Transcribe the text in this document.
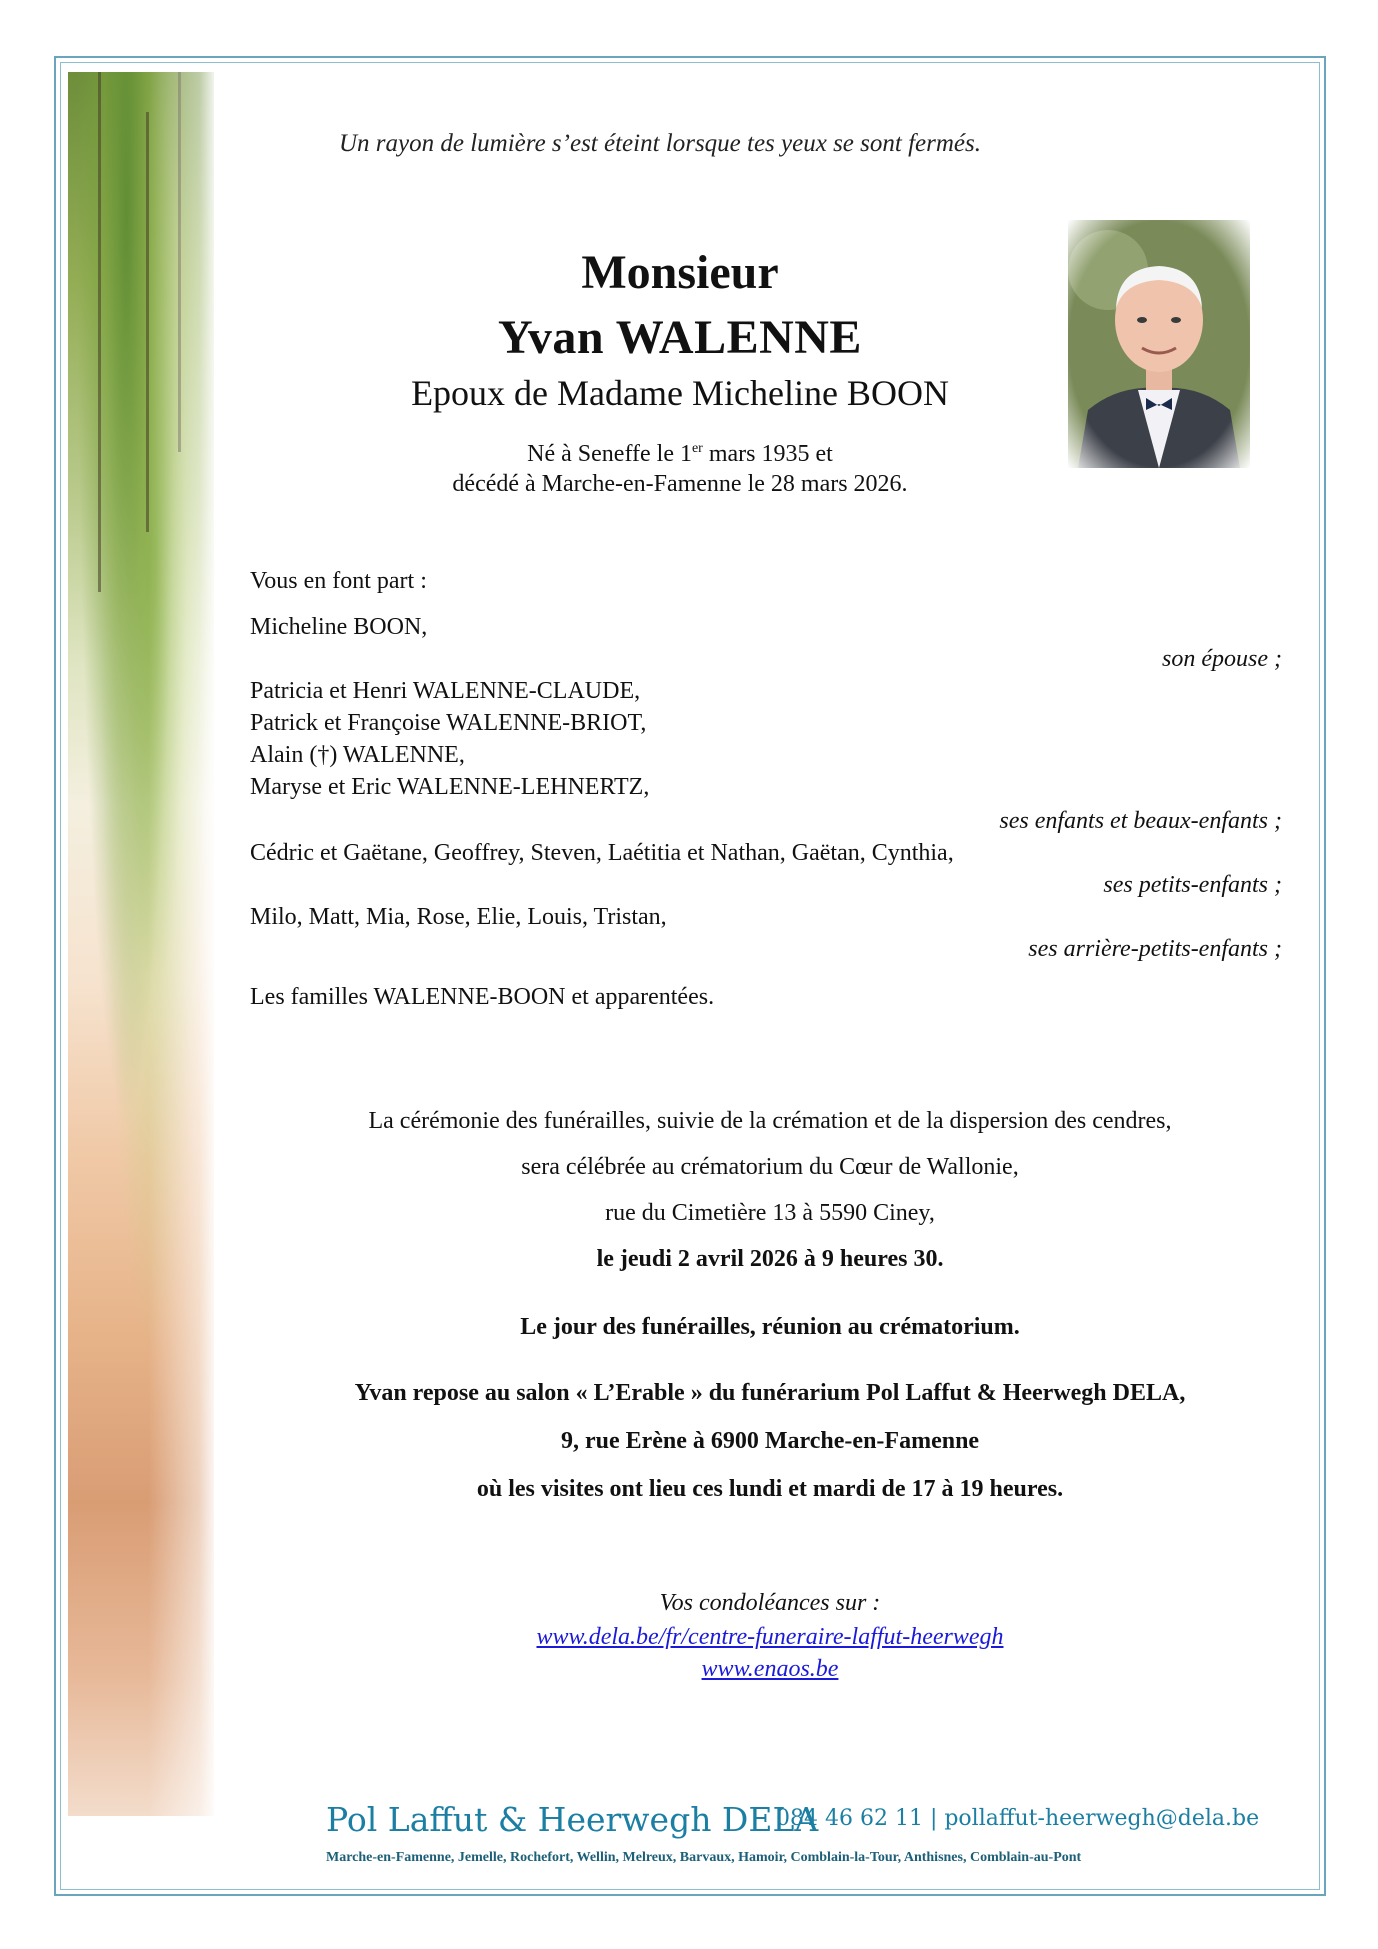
Un rayon de lumière s’est éteint lorsque tes yeux se sont fermés.
Monsieur
Yvan WALENNE
Epoux de Madame Micheline BOON
Né à Seneffe le 1er mars 1935 et
décédé à Marche-en-Famenne le 28 mars 2026.
Vous en font part :
Micheline BOON,
son épouse ;
Patricia et Henri WALENNE-CLAUDE,
Patrick et Françoise WALENNE-BRIOT,
Alain (†) WALENNE,
Maryse et Eric WALENNE-LEHNERTZ,
ses enfants et beaux-enfants ;
Cédric et Gaëtane, Geoffrey, Steven, Laétitia et Nathan, Gaëtan, Cynthia,
ses petits-enfants ;
Milo, Matt, Mia, Rose, Elie, Louis, Tristan,
ses arrière-petits-enfants ;
Les familles WALENNE-BOON et apparentées.
La cérémonie des funérailles, suivie de la crémation et de la dispersion des cendres,
sera célébrée au crématorium du Cœur de Wallonie,
rue du Cimetière 13 à 5590 Ciney,
le jeudi 2 avril 2026 à 9 heures 30.
Le jour des funérailles, réunion au crématorium.
Yvan repose au salon « L’Erable » du funérarium Pol Laffut & Heerwegh DELA,
9, rue Erène à 6900 Marche-en-Famenne
où les visites ont lieu ces lundi et mardi de 17 à 19 heures.
Vos condoléances sur :
www.dela.be/fr/centre-funeraire-laffut-heerwegh
www.enaos.be
Pol Laffut & Heerwegh DELA
084 46 62 11 | pollaffut-heerwegh@dela.be
Marche-en-Famenne, Jemelle, Rochefort, Wellin, Melreux, Barvaux, Hamoir, Comblain-la-Tour, Anthisnes, Comblain-au-Pont
